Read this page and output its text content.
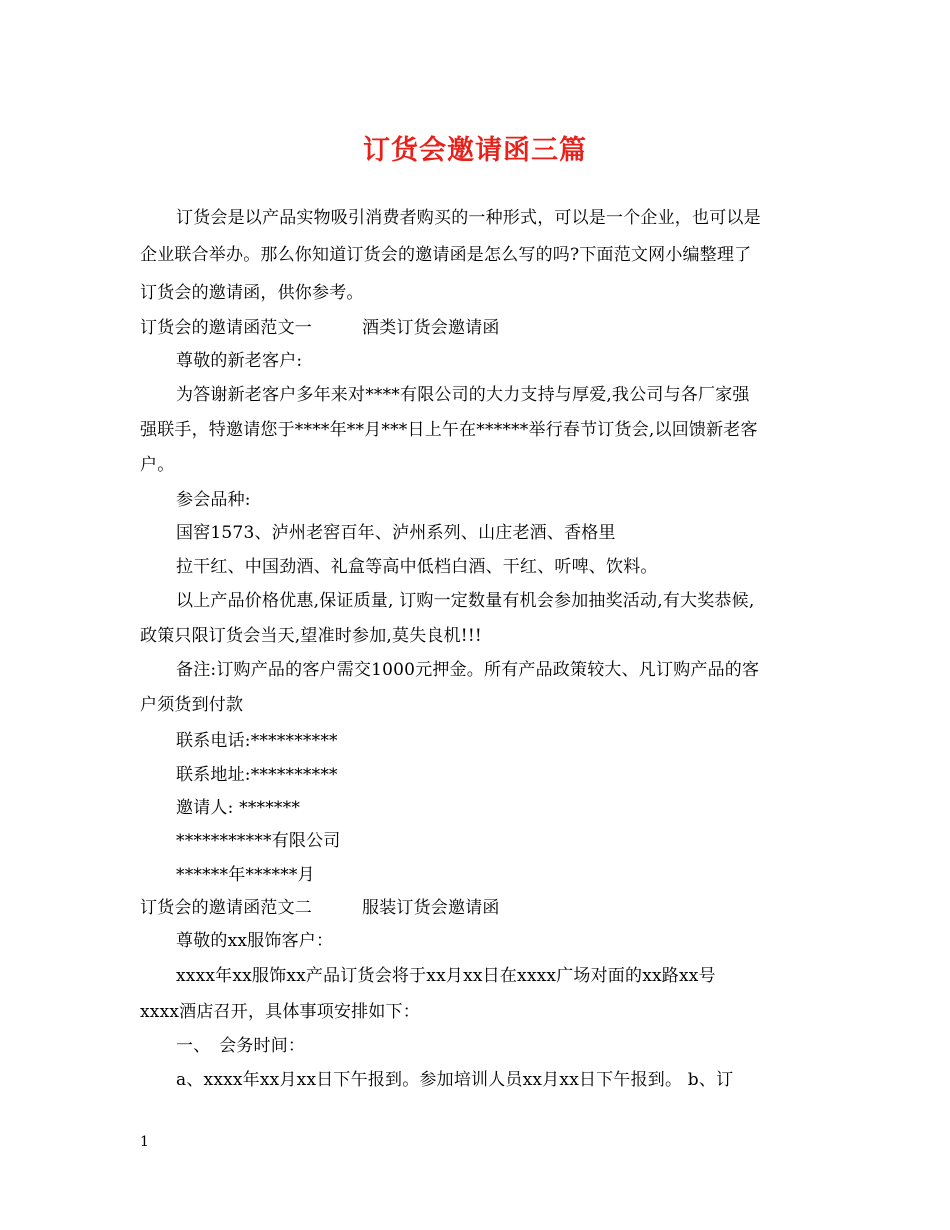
订货会邀请函三篇
订货会是以产品实物吸引消费者购买的一种形式，可以是一个企业，也可以是
企业联合举办。那么你知道订货会的邀请函是怎么写的吗?下面范文网小编整理了
订货会的邀请函，供你参考。
订货会的邀请函范文一	酒类订货会邀请函
尊敬的新老客户:
为答谢新老客户多年来对****有限公司的大力支持与厚爱,我公司与各厂家强
强联手，特邀请您于****年**月***日上午在******举行春节订货会,以回馈新老客
户。
参会品种:
国窖1573、泸州老窖百年、泸州系列、山庄老酒、香格里
拉干红、中国劲酒、礼盒等高中低档白酒、干红、听啤、饮料。
以上产品价格优惠,保证质量, 订购一定数量有机会参加抽奖活动,有大奖恭候,
政策只限订货会当天,望准时参加,莫失良机!!!
备注:订购产品的客户需交1000元押金。所有产品政策较大、凡订购产品的客
户须货到付款
联系电话:**********
联系地址:**********
邀请人: *******
***********有限公司
******年******月
订货会的邀请函范文二	服装订货会邀请函
尊敬的xx服饰客户：
xxxx年xx服饰xx产品订货会将于xx月xx日在xxxx广场对面的xx路xx号
xxxx酒店召开，具体事项安排如下：
一、　会务时间：
a、xxxx年xx月xx日下午报到。参加培训人员xx月xx日下午报到。 b、订
1
